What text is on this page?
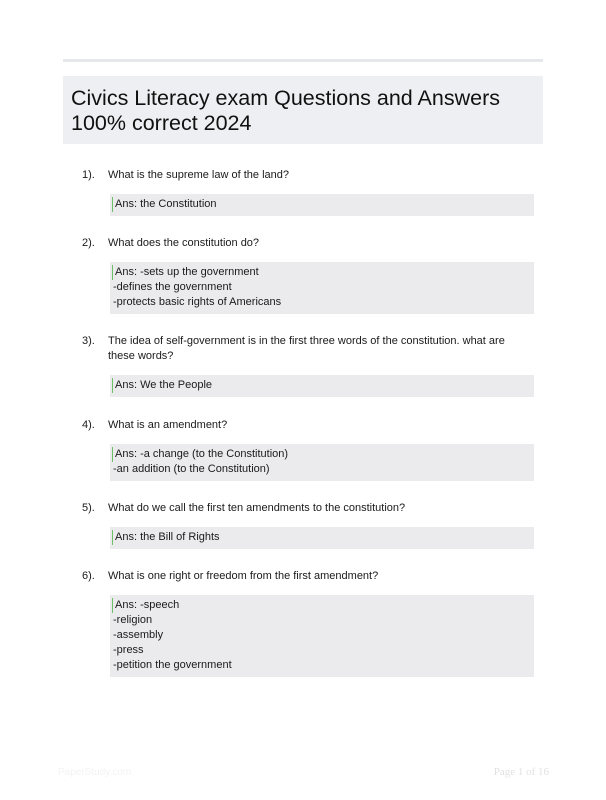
Civics Literacy exam Questions and Answers
100% correct 2024
1). What is the supreme law of the land?
Ans: the Constitution
2). What does the constitution do?
Ans: -sets up the government
-defines the government
-protects basic rights of Americans
3). The idea of self-government is in the first three words of the constitution. what are these words?
Ans: We the People
4). What is an amendment?
Ans: -a change (to the Constitution)
-an addition (to the Constitution)
5). What do we call the first ten amendments to the constitution?
Ans: the Bill of Rights
6). What is one right or freedom from the first amendment?
Ans: -speech
-religion
-assembly
-press
-petition the government
PaperStudy.com	Page 1 of 16
